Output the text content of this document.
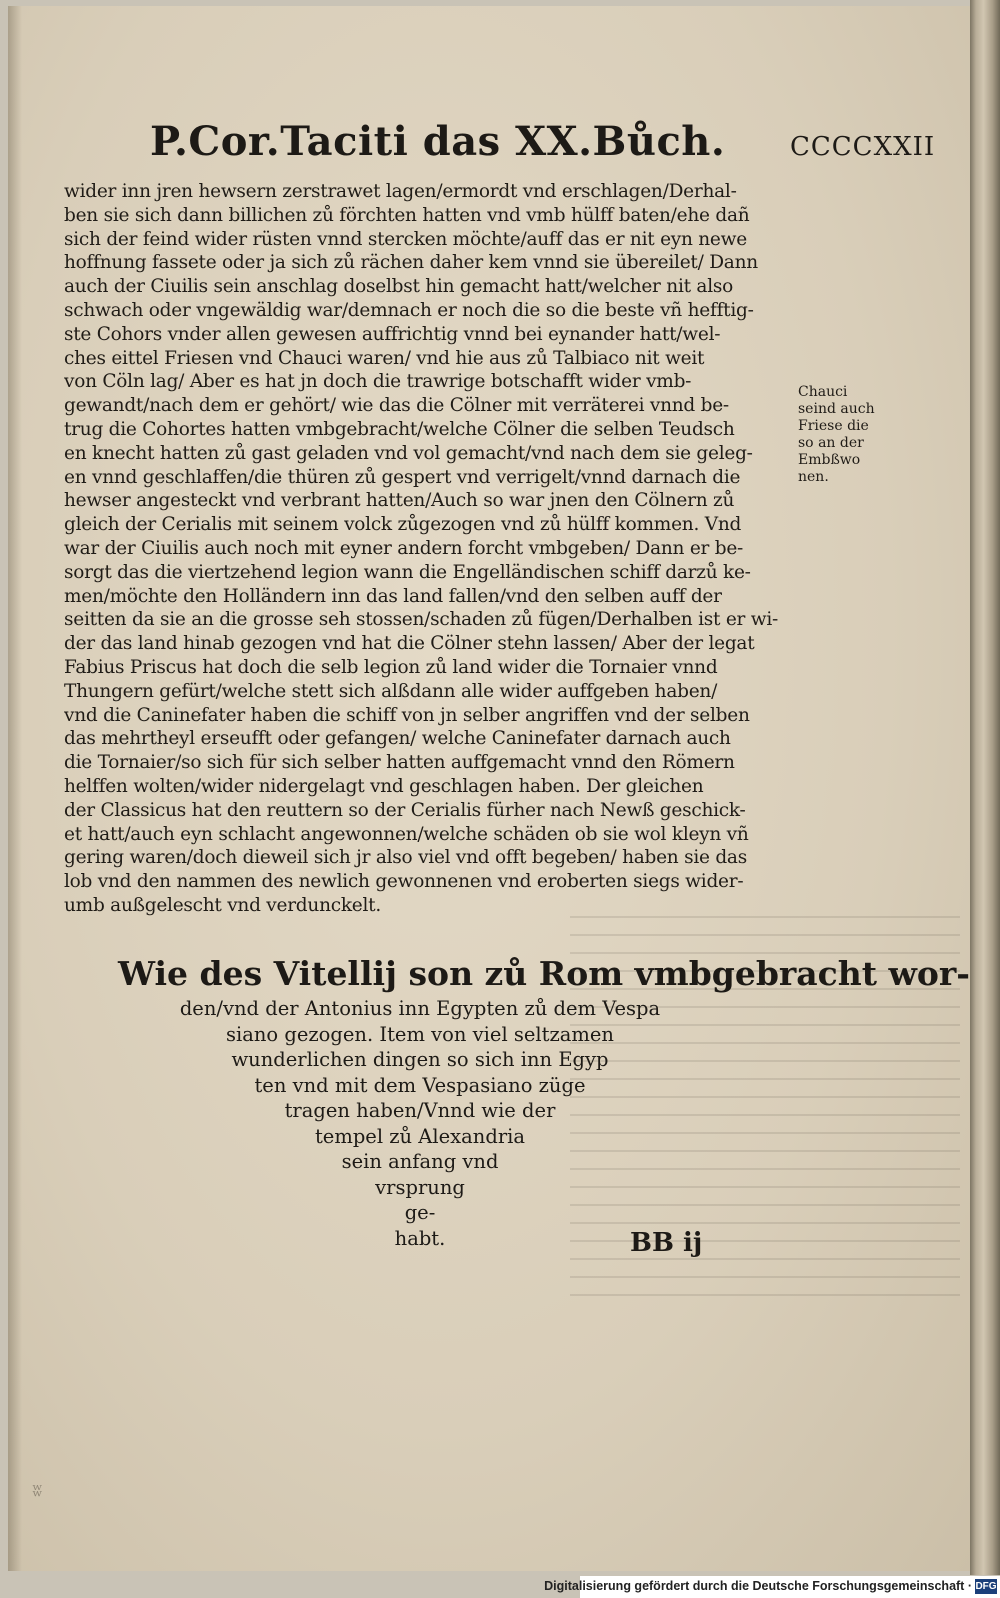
P.Cor.Taciti das XX.Bůch. CCCCXXII
wider inn jren hewsern zerstrawet lagen/ermordt vnd erschlagen/Derhal-
ben sie sich dann billichen zů förchten hatten vnd vmb hülff baten/ehe dañ
sich der feind wider rüsten vnnd stercken möchte/auff das er nit eyn newe
hoffnung fassete oder ja sich zů rächen daher kem vnnd sie übereilet/ Dann
auch der Ciuilis sein anschlag doselbst hin gemacht hatt/welcher nit also
schwach oder vngewäldig war/demnach er noch die so die beste vñ hefftig-
ste Cohors vnder allen gewesen auffrichtig vnnd bei eynander hatt/wel-
ches eittel Friesen vnd Chauci waren/ vnd hie aus zů Talbiaco nit weit
von Cöln lag/ Aber es hat jn doch die trawrige botschafft wider vmb-
gewandt/nach dem er gehört/ wie das die Cölner mit verräterei vnnd be-
trug die Cohortes hatten vmbgebracht/welche Cölner die selben Teudsch
en knecht hatten zů gast geladen vnd vol gemacht/vnd nach dem sie geleg-
en vnnd geschlaffen/die thüren zů gespert vnd verrigelt/vnnd darnach die
hewser angesteckt vnd verbrant hatten/Auch so war jnen den Cölnern zů
gleich der Cerialis mit seinem volck zůgezogen vnd zů hülff kommen. Vnd
war der Ciuilis auch noch mit eyner andern forcht vmbgeben/ Dann er be-
sorgt das die viertzehend legion wann die Engelländischen schiff darzů ke-
men/möchte den Holländern inn das land fallen/vnd den selben auff der
seitten da sie an die grosse seh stossen/schaden zů fügen/Derhalben ist er wi-
der das land hinab gezogen vnd hat die Cölner stehn lassen/ Aber der legat
Fabius Priscus hat doch die selb legion zů land wider die Tornaier vnnd
Thungern gefürt/welche stett sich alßdann alle wider auffgeben haben/
vnd die Caninefater haben die schiff von jn selber angriffen vnd der selben
das mehrtheyl erseufft oder gefangen/ welche Caninefater darnach auch
die Tornaier/so sich für sich selber hatten auffgemacht vnnd den Römern
helffen wolten/wider nidergelagt vnd geschlagen haben. Der gleichen
der Classicus hat den reuttern so der Cerialis fürher nach Newß geschick-
et hatt/auch eyn schlacht angewonnen/welche schäden ob sie wol kleyn vñ
gering waren/doch dieweil sich jr also viel vnd offt begeben/ haben sie das
lob vnd den nammen des newlich gewonnenen vnd eroberten siegs wider-
umb außgelescht vnd verdunckelt.
Chauci
seind auch
Friese die
so an der
Embßwo
nen.
Wie des Vitellij son zů Rom vmbgebracht wor-
den/vnd der Antonius inn Egypten zů dem Vespa
siano gezogen. Item von viel seltzamen
wunderlichen dingen so sich inn Egyp
ten vnd mit dem Vespasiano züge
tragen haben/Vnnd wie der
tempel zů Alexandria
sein anfang vnd
vrsprung
ge-
habt.	BB ij
ʬ
Digitalisierung gefördert durch die Deutsche Forschungsgemeinschaft · DFG
